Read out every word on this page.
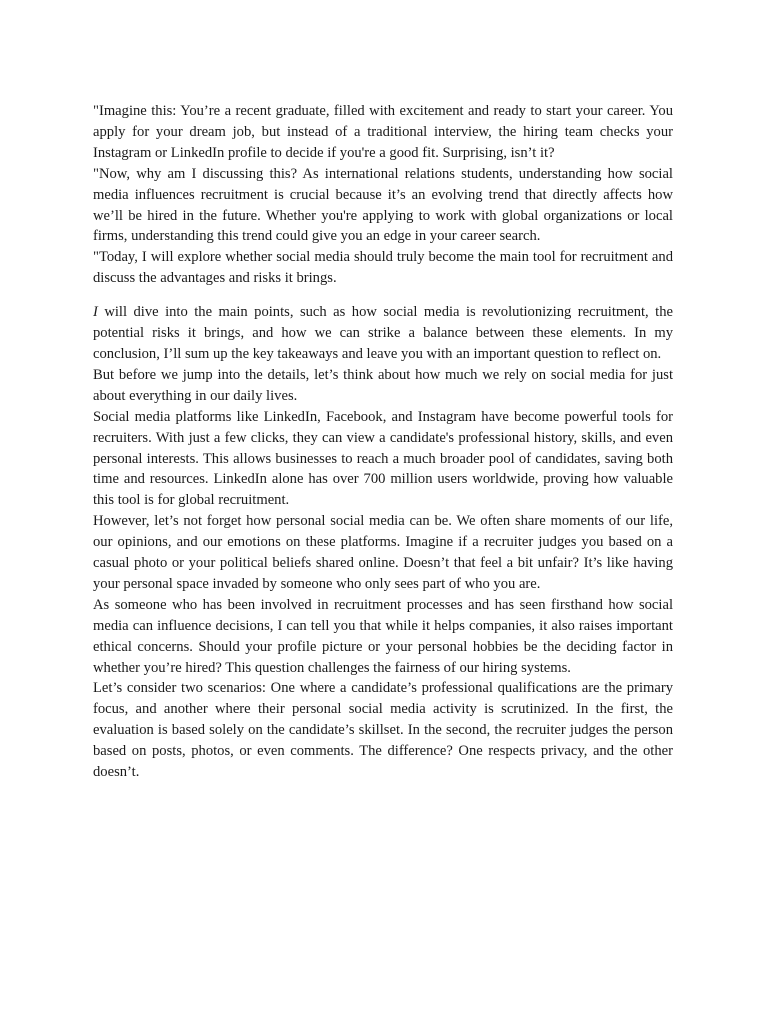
"Imagine this: You’re a recent graduate, filled with excitement and ready to start your career. You apply for your dream job, but instead of a traditional interview, the hiring team checks your Instagram or LinkedIn profile to decide if you're a good fit. Surprising, isn’t it?

"Now, why am I discussing this? As international relations students, understanding how social media influences recruitment is crucial because it’s an evolving trend that directly affects how we’ll be hired in the future. Whether you're applying to work with global organizations or local firms, understanding this trend could give you an edge in your career search.

"Today, I will explore whether social media should truly become the main tool for recruitment and discuss the advantages and risks it brings.

I will dive into the main points, such as how social media is revolutionizing recruitment, the potential risks it brings, and how we can strike a balance between these elements. In my conclusion, I’ll sum up the key takeaways and leave you with an important question to reflect on.

But before we jump into the details, let’s think about how much we rely on social media for just about everything in our daily lives.

Social media platforms like LinkedIn, Facebook, and Instagram have become powerful tools for recruiters. With just a few clicks, they can view a candidate's professional history, skills, and even personal interests. This allows businesses to reach a much broader pool of candidates, saving both time and resources. LinkedIn alone has over 700 million users worldwide, proving how valuable this tool is for global recruitment.

However, let’s not forget how personal social media can be. We often share moments of our life, our opinions, and our emotions on these platforms. Imagine if a recruiter judges you based on a casual photo or your political beliefs shared online. Doesn’t that feel a bit unfair? It’s like having your personal space invaded by someone who only sees part of who you are.

As someone who has been involved in recruitment processes and has seen firsthand how social media can influence decisions, I can tell you that while it helps companies, it also raises important ethical concerns. Should your profile picture or your personal hobbies be the deciding factor in whether you’re hired? This question challenges the fairness of our hiring systems.

Let’s consider two scenarios: One where a candidate’s professional qualifications are the primary focus, and another where their personal social media activity is scrutinized. In the first, the evaluation is based solely on the candidate’s skillset. In the second, the recruiter judges the person based on posts, photos, or even comments. The difference? One respects privacy, and the other doesn’t.
